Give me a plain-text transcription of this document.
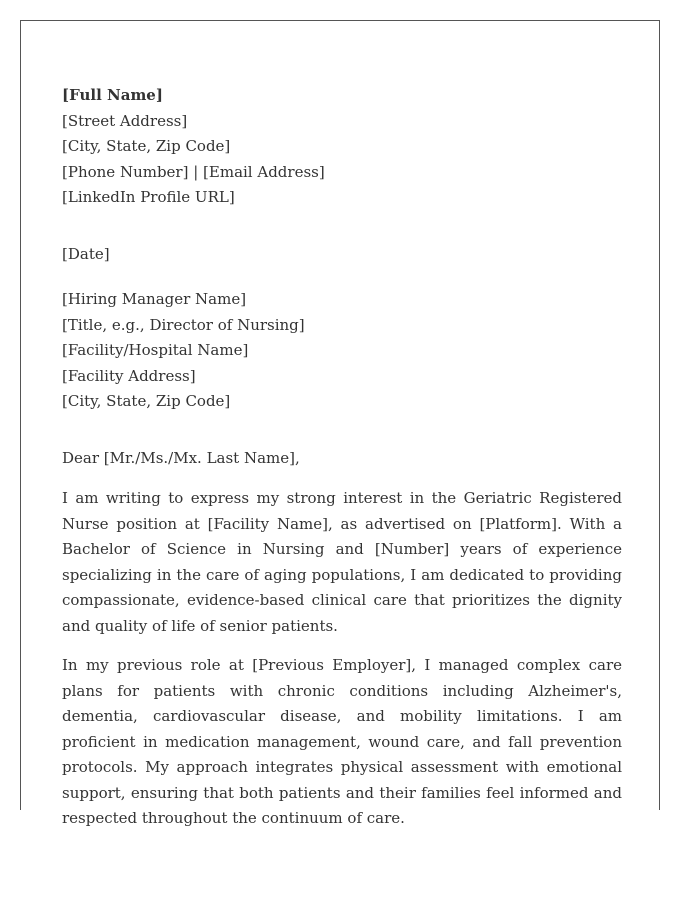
[Full Name]
[Street Address]
[City, State, Zip Code]
[Phone Number] | [Email Address]
[LinkedIn Profile URL]
[Date]
[Hiring Manager Name]
[Title, e.g., Director of Nursing]
[Facility/Hospital Name]
[Facility Address]
[City, State, Zip Code]
Dear [Mr./Ms./Mx. Last Name],

I am writing to express my strong interest in the Geriatric Registered Nurse position at [Facility Name], as advertised on [Platform]. With a Bachelor of Science in Nursing and [Number] years of experience specializing in the care of aging populations, I am dedicated to providing compassionate, evidence-based clinical care that prioritizes the dignity and quality of life of senior patients.

In my previous role at [Previous Employer], I managed complex care plans for patients with chronic conditions including Alzheimer's, dementia, cardiovascular disease, and mobility limitations. I am proficient in medication management, wound care, and fall prevention protocols. My approach integrates physical assessment with emotional support, ensuring that both patients and their families feel informed and respected throughout the continuum of care.
